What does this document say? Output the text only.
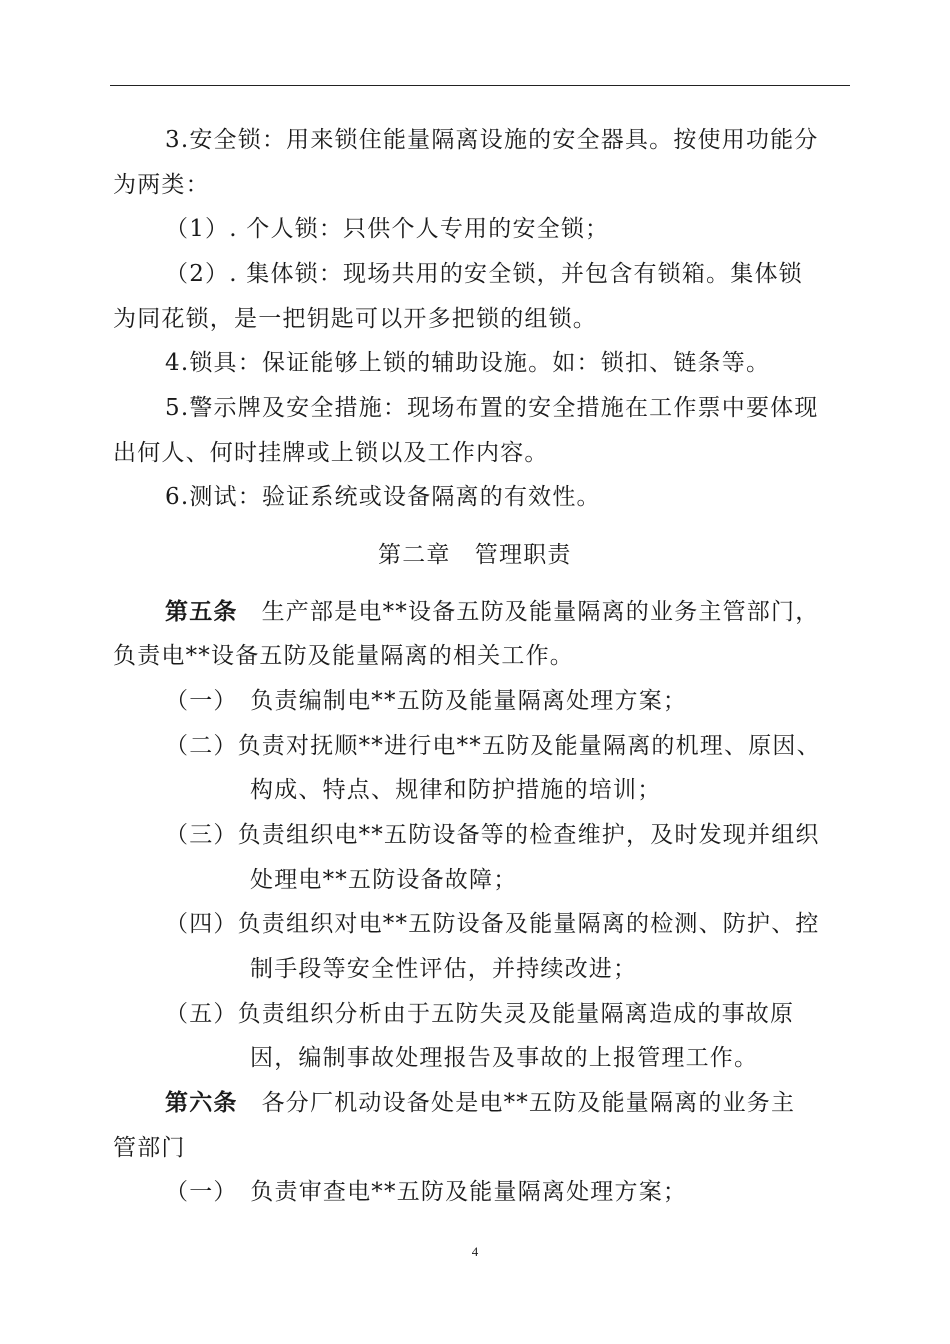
3.安全锁：用来锁住能量隔离设施的安全器具。按使用功能分
为两类：
（1）. 个人锁：只供个人专用的安全锁；
（2）. 集体锁：现场共用的安全锁，并包含有锁箱。集体锁
为同花锁，是一把钥匙可以开多把锁的组锁。
4.锁具：保证能够上锁的辅助设施。如：锁扣、链条等。
5.警示牌及安全措施：现场布置的安全措施在工作票中要体现
出何人、何时挂牌或上锁以及工作内容。
6.测试：验证系统或设备隔离的有效性。
第二章　管理职责
第五条 生产部是电**设备五防及能量隔离的业务主管部门，
负责电**设备五防及能量隔离的相关工作。
（一）　负责编制电**五防及能量隔离处理方案；
（二）负责对抚顺**进行电**五防及能量隔离的机理、原因、
构成、特点、规律和防护措施的培训；
（三）负责组织电**五防设备等的检查维护，及时发现并组织
处理电**五防设备故障；
（四）负责组织对电**五防设备及能量隔离的检测、防护、控
制手段等安全性评估，并持续改进；
（五）负责组织分析由于五防失灵及能量隔离造成的事故原
因，编制事故处理报告及事故的上报管理工作。
第六条 各分厂机动设备处是电**五防及能量隔离的业务主
管部门
（一）　负责审查电**五防及能量隔离处理方案；
4
